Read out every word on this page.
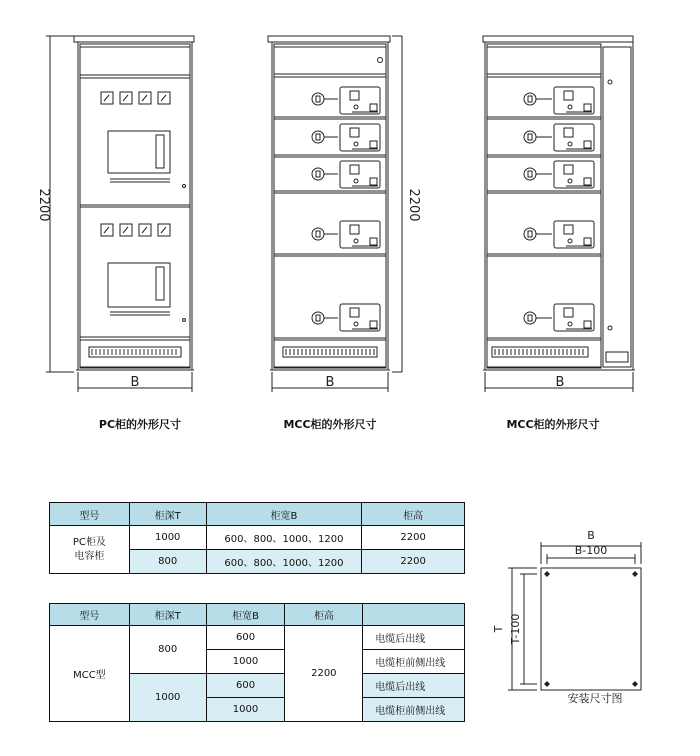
2200
B
2200
B	B
PC柜的外形尺寸	MCC柜的外形尺寸	MCC柜的外形尺寸
型号	柜深T	柜宽B	柜高
PC柜及
电容柜	1000	600、800、1000、1200	2200
	800	600、800、1000、1200	2200
型号	柜深T	柜宽B	柜高	
MCC型	800	600	2200	电缆后出线
		1000		电缆柜前侧出线
	1000	600		电缆后出线
		1000		电缆柜前侧出线
B
B-100
T T-100
安装尺寸图
